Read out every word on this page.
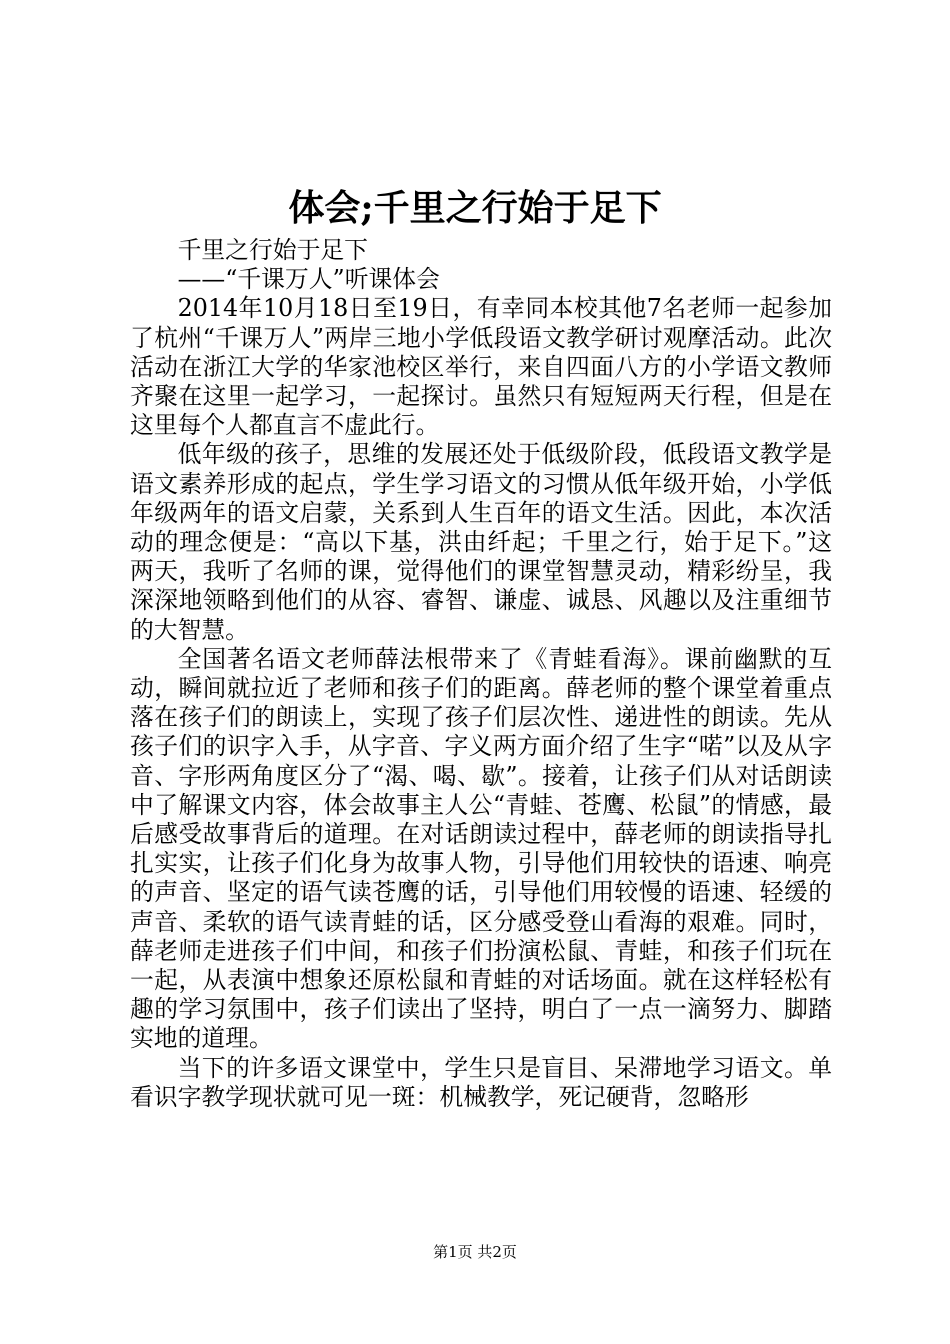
体会;千里之行始于足下

千里之行始于足下

——“千课万人”听课体会

2014年10月18日至19日，有幸同本校其他7名老师一起参加了杭州“千课万人”两岸三地小学低段语文教学研讨观摩活动。此次活动在浙江大学的华家池校区举行，来自四面八方的小学语文教师齐聚在这里一起学习，一起探讨。虽然只有短短两天行程，但是在这里每个人都直言不虚此行。

低年级的孩子，思维的发展还处于低级阶段，低段语文教学是语文素养形成的起点，学生学习语文的习惯从低年级开始，小学低年级两年的语文启蒙，关系到人生百年的语文生活。因此，本次活动的理念便是：“高以下基，洪由纤起；千里之行，始于足下。”这两天，我听了名师的课，觉得他们的课堂智慧灵动，精彩纷呈，我深深地领略到他们的从容、睿智、谦虚、诚恳、风趣以及注重细节的大智慧。

全国著名语文老师薛法根带来了《青蛙看海》。课前幽默的互动，瞬间就拉近了老师和孩子们的距离。薛老师的整个课堂着重点落在孩子们的朗读上，实现了孩子们层次性、递进性的朗读。先从孩子们的识字入手，从字音、字义两方面介绍了生字“喏”以及从字音、字形两角度区分了“渴、喝、歇”。接着，让孩子们从对话朗读中了解课文内容，体会故事主人公“青蛙、苍鹰、松鼠”的情感，最后感受故事背后的道理。在对话朗读过程中，薛老师的朗读指导扎扎实实，让孩子们化身为故事人物，引导他们用较快的语速、响亮的声音、坚定的语气读苍鹰的话，引导他们用较慢的语速、轻缓的声音、柔软的语气读青蛙的话，区分感受登山看海的艰难。同时，薛老师走进孩子们中间，和孩子们扮演松鼠、青蛙，和孩子们玩在一起，从表演中想象还原松鼠和青蛙的对话场面。就在这样轻松有趣的学习氛围中，孩子们读出了坚持，明白了一点一滴努力、脚踏实地的道理。

当下的许多语文课堂中，学生只是盲目、呆滞地学习语文。单看识字教学现状就可见一斑：机械教学，死记硬背，忽略形

第1页 共2页
